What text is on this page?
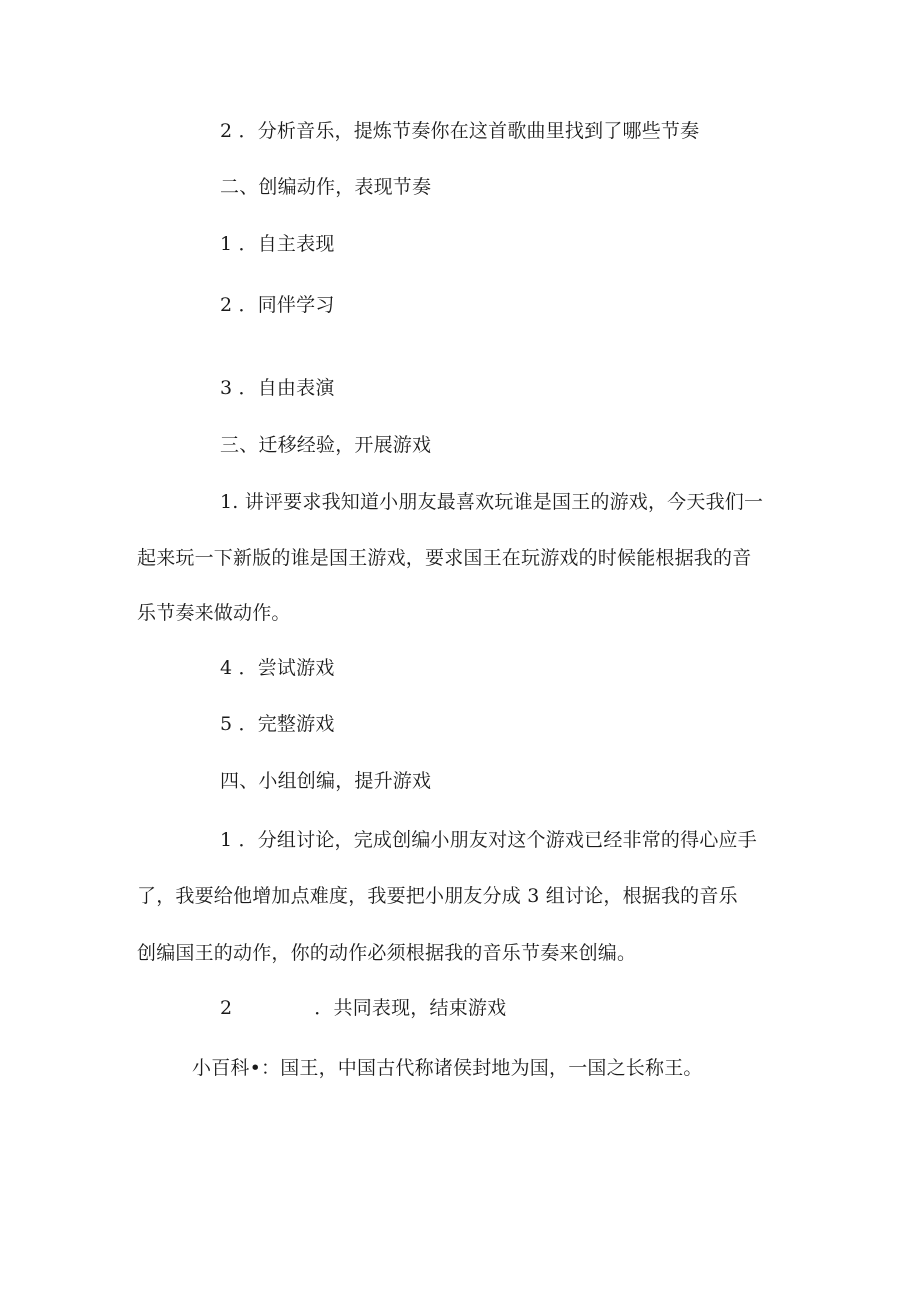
2 ．分析音乐，提炼节奏你在这首歌曲里找到了哪些节奏
二、创编动作，表现节奏
1 ．自主表现
2 ．同伴学习
3 ．自由表演
三、迁移经验，开展游戏
1. 讲评要求我知道小朋友最喜欢玩谁是国王的游戏，今天我们一
起来玩一下新版的谁是国王游戏，要求国王在玩游戏的时候能根据我的音
乐节奏来做动作。
4 ．尝试游戏
5 ．完整游戏
四、小组创编，提升游戏
1 ．分组讨论，完成创编小朋友对这个游戏已经非常的得心应手
了，我要给他增加点难度，我要把小朋友分成 3 组讨论，根据我的音乐
创编国王的动作，你的动作必须根据我的音乐节奏来创编。
2	．共同表现，结束游戏
小百科•：国王，中国古代称诸侯封地为国，一国之长称王。
